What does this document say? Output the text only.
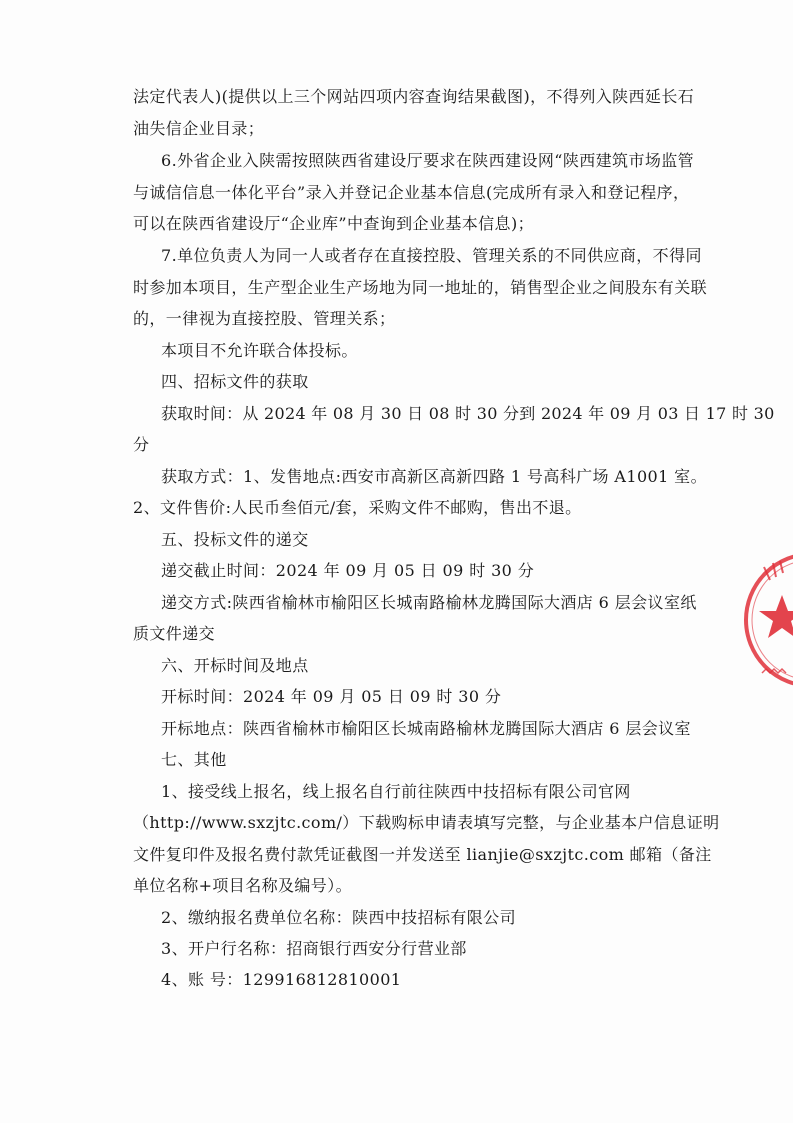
法定代表人)(提供以上三个网站四项内容查询结果截图)，不得列入陕西延长石
油失信企业目录；
6.外省企业入陕需按照陕西省建设厅要求在陕西建设网“陕西建筑市场监管
与诚信信息一体化平台”录入并登记企业基本信息(完成所有录入和登记程序，
可以在陕西省建设厅“企业库”中查询到企业基本信息)；
7.单位负责人为同一人或者存在直接控股、管理关系的不同供应商，不得同
时参加本项目，生产型企业生产场地为同一地址的，销售型企业之间股东有关联
的，一律视为直接控股、管理关系；
本项目不允许联合体投标。
四、招标文件的获取
获取时间：从 2024 年 08 月 30 日 08 时 30 分到 2024 年 09 月 03 日 17 时 30
分
获取方式：1、发售地点:西安市高新区高新四路 1 号高科广场 A1001 室。
2、文件售价:人民币叁佰元/套，采购文件不邮购，售出不退。
五、投标文件的递交
递交截止时间：2024 年 09 月 05 日 09 时 30 分
递交方式:陕西省榆林市榆阳区长城南路榆林龙腾国际大酒店 6 层会议室纸
质文件递交
六、开标时间及地点
开标时间：2024 年 09 月 05 日 09 时 30 分
开标地点：陕西省榆林市榆阳区长城南路榆林龙腾国际大酒店 6 层会议室
七、其他
1、接受线上报名，线上报名自行前往陕西中技招标有限公司官网
（http://www.sxzjtc.com/）下载购标申请表填写完整，与企业基本户信息证明
文件复印件及报名费付款凭证截图一并发送至 lianjie@sxzjtc.com 邮箱（备注
单位名称+项目名称及编号）。
2、缴纳报名费单位名称：陕西中技招标有限公司
3、开户行名称：招商银行西安分行营业部
4、账 号：129916812810001
